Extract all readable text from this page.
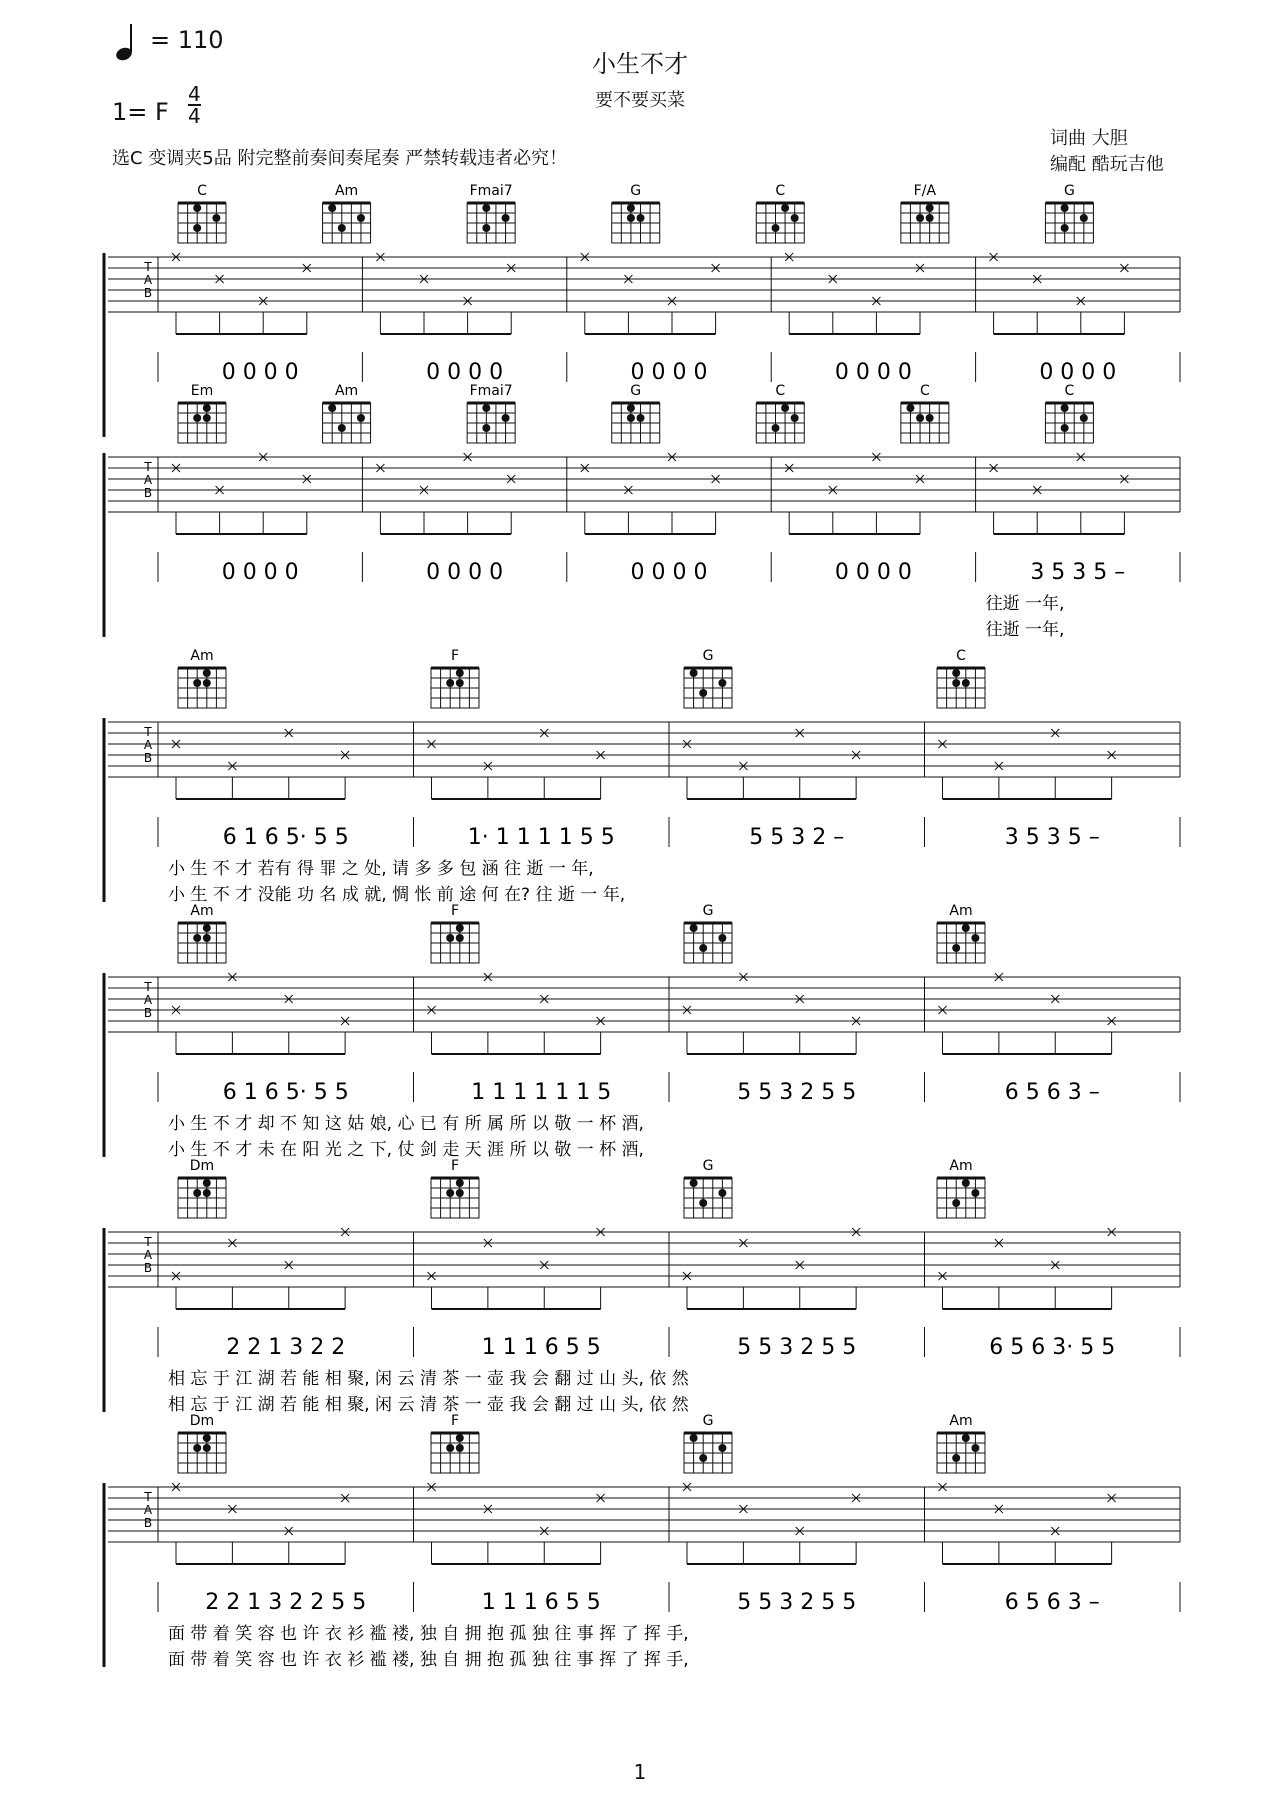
= 110
小生不才
要不要买菜
1= F
4
4
选C 变调夹5品 附完整前奏间奏尾奏 严禁转载违者必究！
词曲 大胆
编配 酷玩吉他
C	Am	Fmai7	G	C	F/A	G
T
A
B
0 0 0 0	0 0 0 0	0 0 0 0	0 0 0 0	0 0 0 0
Em	Am	Fmai7	G	C	C	C
T
A
B
0 0 0 0	0 0 0 0	0 0 0 0	0 0 0 0	3 5 3 5 –
往逝 一年,
往逝 一年,
Am	F	G	C
T
A
B
6 1 6 5· 5 5	1· 1 1 1 1 5 5	5 5 3 2 –	3 5 3 5 –
小 生 不 才 若有 得 罪 之 处, 请 多 多 包 涵 往 逝 一 年,
小 生 不 才 没能 功 名 成 就, 惆 怅 前 途 何 在? 往 逝 一 年,
Am	F	G	Am
T
A
B
6 1 6 5· 5 5	1 1 1 1 1 1 5	5 5 3 2 5 5	6 5 6 3 –
小 生 不 才 却 不 知 这 姑 娘, 心 已 有 所 属 所 以 敬 一 杯 酒,
小 生 不 才 未 在 阳 光 之 下, 仗 剑 走 天 涯 所 以 敬 一 杯 酒,
Dm	F	G	Am
T
A
B
2 2 1 3 2 2	1 1 1 6 5 5	5 5 3 2 5 5	6 5 6 3· 5 5
相 忘 于 江 湖 若 能 相 聚, 闲 云 清 茶 一 壶 我 会 翻 过 山 头, 依 然
相 忘 于 江 湖 若 能 相 聚, 闲 云 清 茶 一 壶 我 会 翻 过 山 头, 依 然
Dm	F	G	Am
T
A
B
2 2 1 3 2 2 5 5	1 1 1 6 5 5	5 5 3 2 5 5	6 5 6 3 –
面 带 着 笑 容 也 许 衣 衫 褴 褛, 独 自 拥 抱 孤 独 往 事 挥 了 挥 手,
面 带 着 笑 容 也 许 衣 衫 褴 褛, 独 自 拥 抱 孤 独 往 事 挥 了 挥 手,
1
